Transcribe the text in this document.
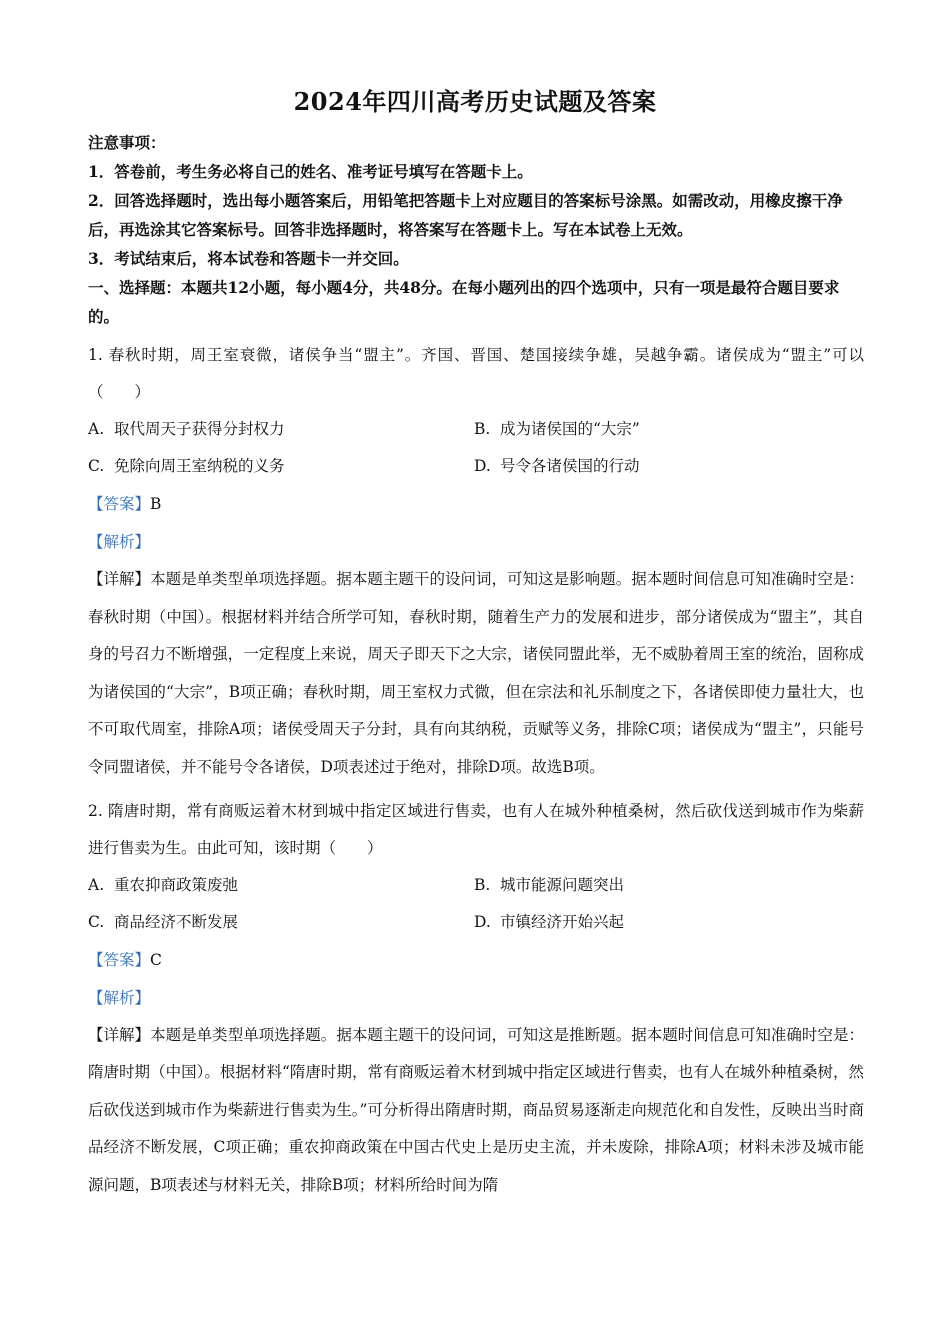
2024年四川高考历史试题及答案

注意事项：

1．答卷前，考生务必将自己的姓名、准考证号填写在答题卡上。

2．回答选择题时，选出每小题答案后，用铅笔把答题卡上对应题目的答案标号涂黑。如需改动，用橡皮擦干净后，再选涂其它答案标号。回答非选择题时，将答案写在答题卡上。写在本试卷上无效。

3．考试结束后，将本试卷和答题卡一并交回。

一、选择题：本题共12小题，每小题4分，共48分。在每小题列出的四个选项中，只有一项是最符合题目要求的。

1. 春秋时期，周王室衰微，诸侯争当“盟主”。齐国、晋国、楚国接续争雄，吴越争霸。诸侯成为“盟主”可以（　　）

A. 取代周天子获得分封权力	B. 成为诸侯国的“大宗”
C. 免除向周王室纳税的义务	D. 号令各诸侯国的行动

【答案】B

【解析】

【详解】本题是单类型单项选择题。据本题主题干的设问词，可知这是影响题。据本题时间信息可知准确时空是：春秋时期（中国）。根据材料并结合所学可知，春秋时期，随着生产力的发展和进步，部分诸侯成为“盟主”，其自身的号召力不断增强，一定程度上来说，周天子即天下之大宗，诸侯同盟此举，无不威胁着周王室的统治，固称成为诸侯国的“大宗”，B项正确；春秋时期，周王室权力式微，但在宗法和礼乐制度之下，各诸侯即使力量壮大，也不可取代周室，排除A项；诸侯受周天子分封，具有向其纳税，贡赋等义务，排除C项；诸侯成为“盟主”，只能号令同盟诸侯，并不能号令各诸侯，D项表述过于绝对，排除D项。故选B项。

2. 隋唐时期，常有商贩运着木材到城中指定区域进行售卖，也有人在城外种植桑树，然后砍伐送到城市作为柴薪进行售卖为生。由此可知，该时期（　　）

A. 重农抑商政策废弛	B. 城市能源问题突出
C. 商品经济不断发展	D. 市镇经济开始兴起

【答案】C

【解析】

【详解】本题是单类型单项选择题。据本题主题干的设问词，可知这是推断题。据本题时间信息可知准确时空是：隋唐时期（中国）。根据材料“隋唐时期，常有商贩运着木材到城中指定区域进行售卖，也有人在城外种植桑树，然后砍伐送到城市作为柴薪进行售卖为生。”可分析得出隋唐时期，商品贸易逐渐走向规范化和自发性，反映出当时商品经济不断发展，C项正确；重农抑商政策在中国古代史上是历史主流，并未废除，排除A项；材料未涉及城市能源问题，B项表述与材料无关，排除B项；材料所给时间为隋
